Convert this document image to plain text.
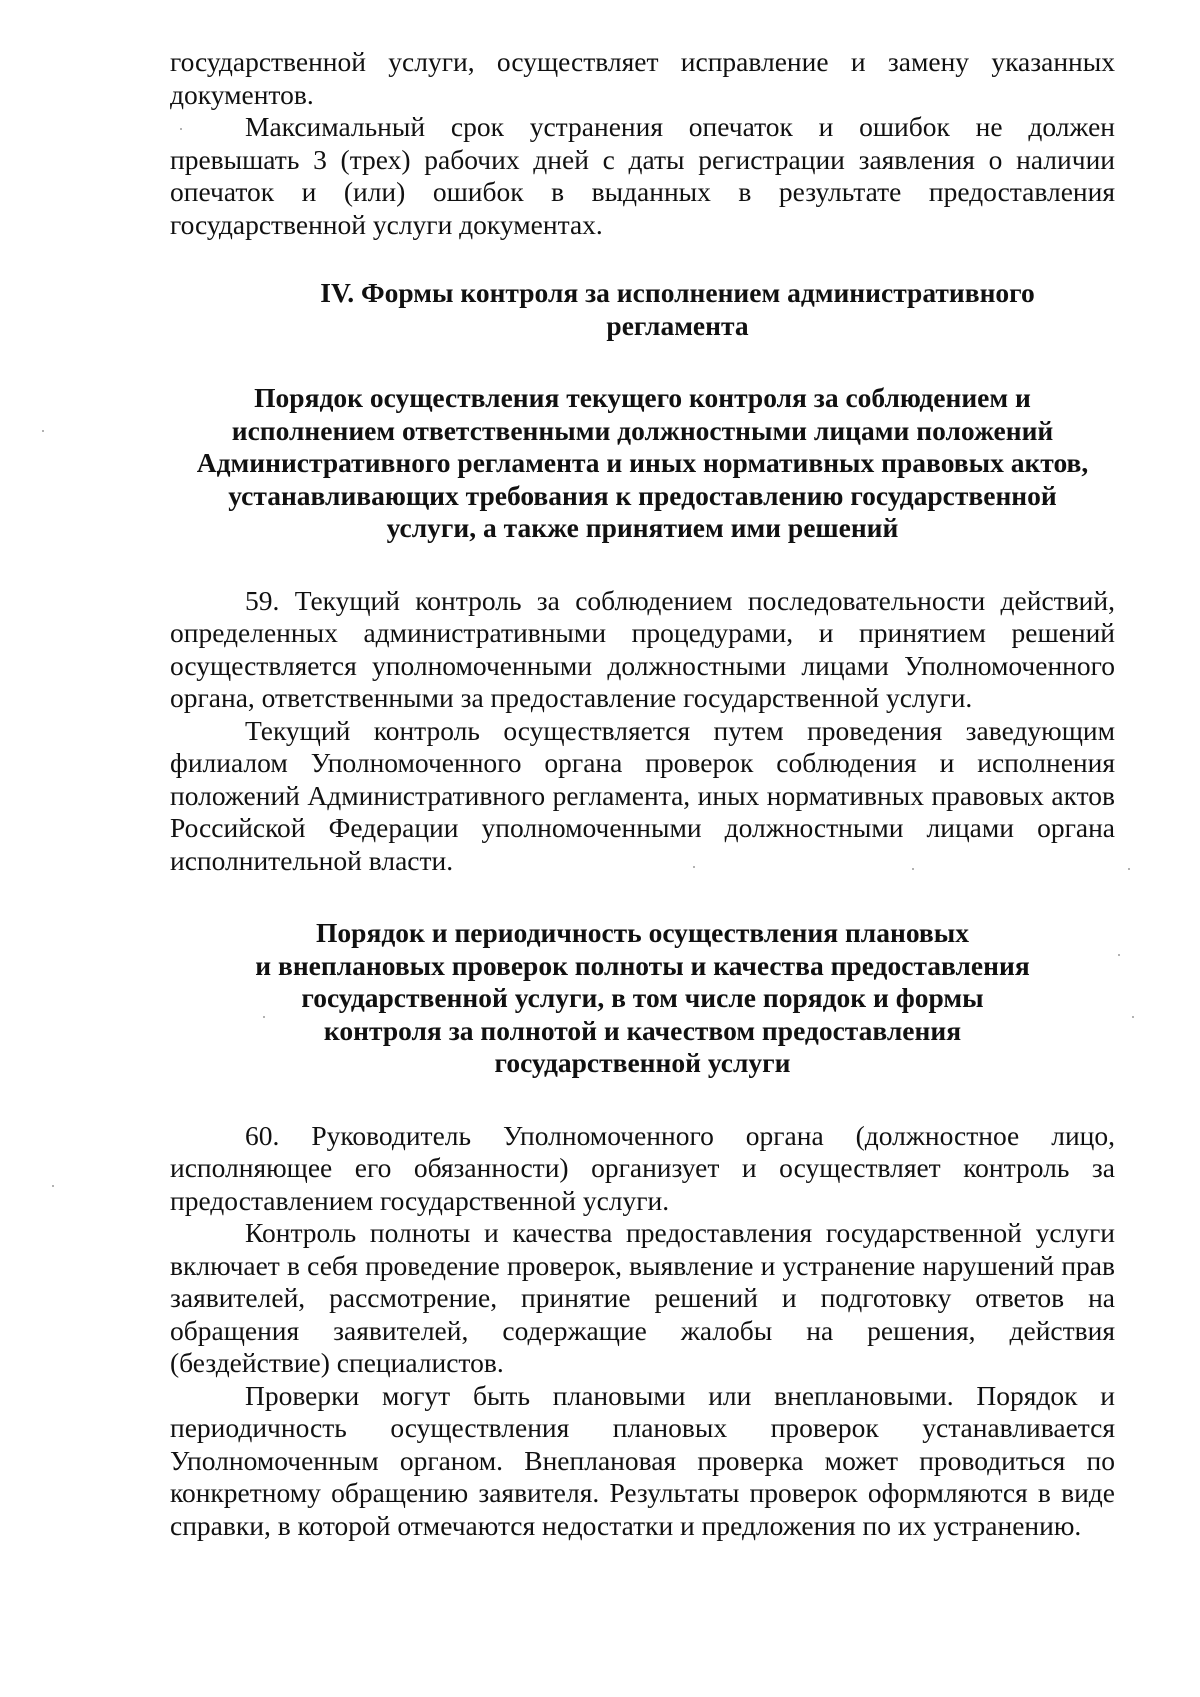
государственной услуги, осуществляет исправление и замену указанных документов.

Максимальный срок устранения опечаток и ошибок не должен превышать 3 (трех) рабочих дней с даты регистрации заявления о наличии опечаток и (или) ошибок в выданных в результате предоставления государственной услуги документах.

IV. Формы контроля за исполнением административного
регламента
Порядок осуществления текущего контроля за соблюдением и
исполнением ответственными должностными лицами положений
Административного регламента и иных нормативных правовых актов,
устанавливающих требования к предоставлению государственной
услуги, а также принятием ими решений

59. Текущий контроль за соблюдением последовательности действий, определенных административными процедурами, и принятием решений осуществляется уполномоченными должностными лицами Уполномоченного органа, ответственными за предоставление государственной услуги.

Текущий контроль осуществляется путем проведения заведующим филиалом Уполномоченного органа проверок соблюдения и исполнения положений Административного регламента, иных нормативных правовых актов Российской Федерации уполномоченными должностными лицами органа исполнительной власти.

Порядок и периодичность осуществления плановых
и внеплановых проверок полноты и качества предоставления
государственной услуги, в том числе порядок и формы
контроля за полнотой и качеством предоставления
государственной услуги

60. Руководитель Уполномоченного органа (должностное лицо, исполняющее его обязанности) организует и осуществляет контроль за предоставлением государственной услуги.

Контроль полноты и качества предоставления государственной услуги включает в себя проведение проверок, выявление и устранение нарушений прав заявителей, рассмотрение, принятие решений и подготовку ответов на обращения заявителей, содержащие жалобы на решения, действия (бездействие) специалистов.

Проверки могут быть плановыми или внеплановыми. Порядок и периодичность осуществления плановых проверок устанавливается Уполномоченным органом. Внеплановая проверка может проводиться по конкретному обращению заявителя. Результаты проверок оформляются в виде справки, в которой отмечаются недостатки и предложения по их устранению.
